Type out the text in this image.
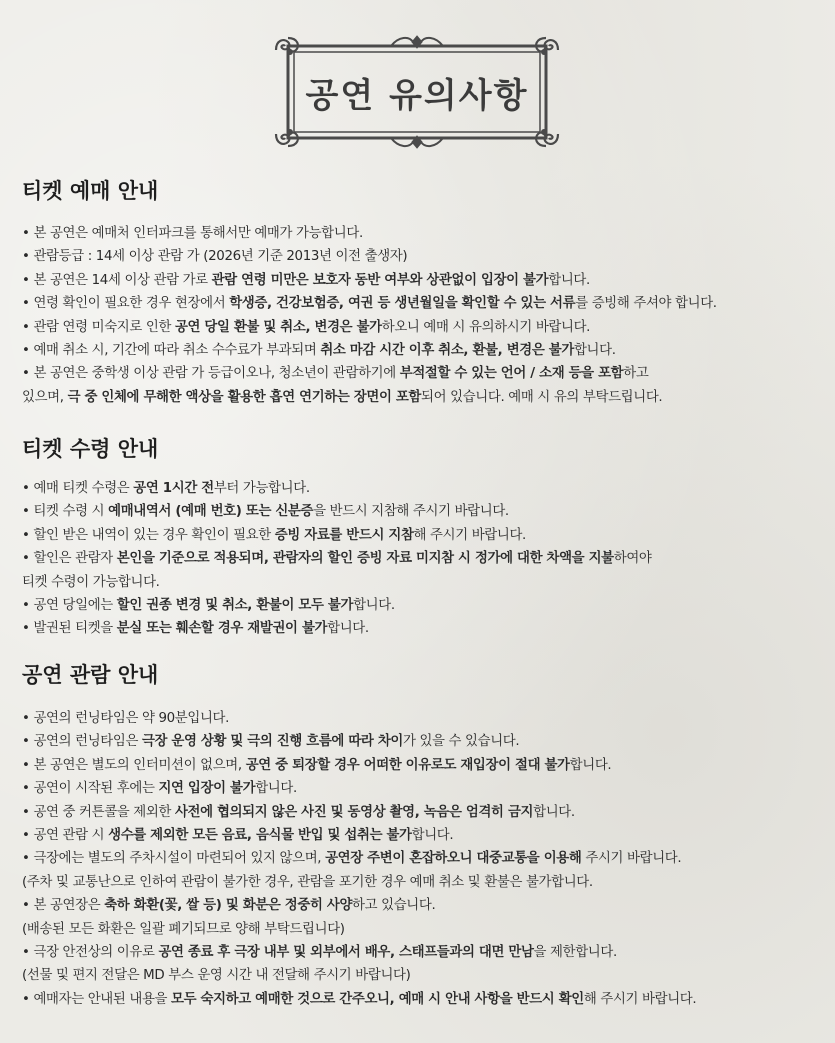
공연 유의사항
티켓 예매 안내
• 본 공연은 예매처 인터파크를 통해서만 예매가 가능합니다.
• 관람등급 : 14세 이상 관람 가 (2026년 기준 2013년 이전 출생자)
• 본 공연은 14세 이상 관람 가로 관람 연령 미만은 보호자 동반 여부와 상관없이 입장이 불가합니다.
• 연령 확인이 필요한 경우 현장에서 학생증, 건강보험증, 여권 등 생년월일을 확인할 수 있는 서류를 증빙해 주셔야 합니다.
• 관람 연령 미숙지로 인한 공연 당일 환불 및 취소, 변경은 불가하오니 예매 시 유의하시기 바랍니다.
• 예매 취소 시, 기간에 따라 취소 수수료가 부과되며 취소 마감 시간 이후 취소, 환불, 변경은 불가합니다.
• 본 공연은 중학생 이상 관람 가 등급이오나, 청소년이 관람하기에 부적절할 수 있는 언어 / 소재 등을 포함하고
있으며, 극 중 인체에 무해한 액상을 활용한 흡연 연기하는 장면이 포함되어 있습니다. 예매 시 유의 부탁드립니다.
티켓 수령 안내
• 예매 티켓 수령은 공연 1시간 전부터 가능합니다.
• 티켓 수령 시 예매내역서 (예매 번호) 또는 신분증을 반드시 지참해 주시기 바랍니다.
• 할인 받은 내역이 있는 경우 확인이 필요한 증빙 자료를 반드시 지참해 주시기 바랍니다.
• 할인은 관람자 본인을 기준으로 적용되며, 관람자의 할인 증빙 자료 미지참 시 정가에 대한 차액을 지불하여야
티켓 수령이 가능합니다.
• 공연 당일에는 할인 권종 변경 및 취소, 환불이 모두 불가합니다.
• 발권된 티켓을 분실 또는 훼손할 경우 재발권이 불가합니다.
공연 관람 안내
• 공연의 런닝타임은 약 90분입니다.
• 공연의 런닝타임은 극장 운영 상황 및 극의 진행 흐름에 따라 차이가 있을 수 있습니다.
• 본 공연은 별도의 인터미션이 없으며, 공연 중 퇴장할 경우 어떠한 이유로도 재입장이 절대 불가합니다.
• 공연이 시작된 후에는 지연 입장이 불가합니다.
• 공연 중 커튼콜을 제외한 사전에 협의되지 않은 사진 및 동영상 촬영, 녹음은 엄격히 금지합니다.
• 공연 관람 시 생수를 제외한 모든 음료, 음식물 반입 및 섭취는 불가합니다.
• 극장에는 별도의 주차시설이 마련되어 있지 않으며, 공연장 주변이 혼잡하오니 대중교통을 이용해 주시기 바랍니다.
(주차 및 교통난으로 인하여 관람이 불가한 경우, 관람을 포기한 경우 예매 취소 및 환불은 불가합니다.
• 본 공연장은 축하 화환(꽃, 쌀 등) 및 화분은 정중히 사양하고 있습니다.
(배송된 모든 화환은 일괄 폐기되므로 양해 부탁드립니다)
• 극장 안전상의 이유로 공연 종료 후 극장 내부 및 외부에서 배우, 스태프들과의 대면 만남을 제한합니다.
(선물 및 편지 전달은 MD 부스 운영 시간 내 전달해 주시기 바랍니다)
• 예매자는 안내된 내용을 모두 숙지하고 예매한 것으로 간주오니, 예매 시 안내 사항을 반드시 확인해 주시기 바랍니다.
